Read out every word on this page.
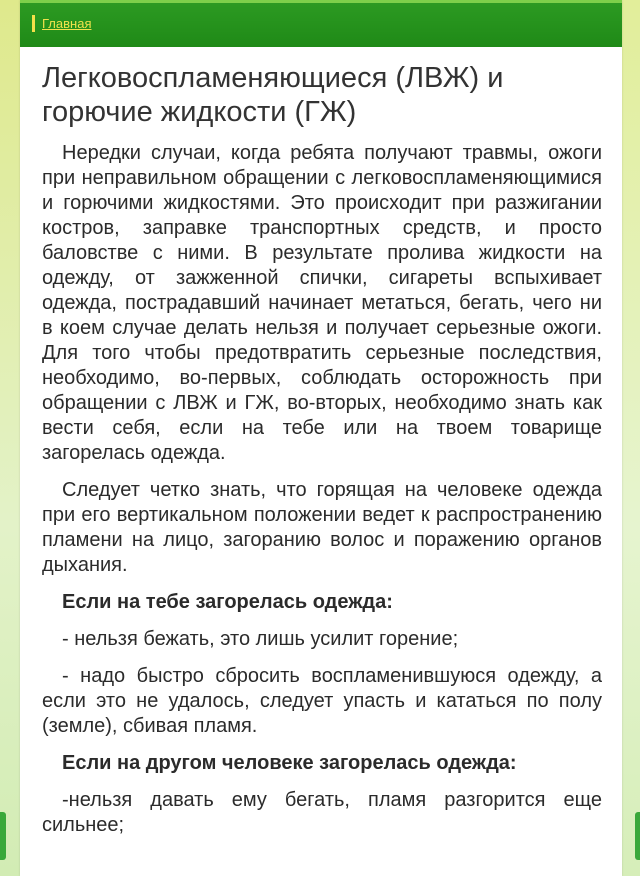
Главная
Легковоспламеняющиеся (ЛВЖ) и горючие жидкости (ГЖ)

Нередки случаи, когда ребята получают травмы, ожоги при неправильном обращении с легковоспламеняющимися и горючими жидкостями. Это происходит при разжигании костров, заправке транспортных средств, и просто баловстве с ними. В результате пролива жидкости на одежду, от зажженной спички, сигареты вспыхивает одежда, пострадавший начинает метаться, бегать, чего ни в коем случае делать нельзя и получает серьезные ожоги. Для того чтобы предотвратить серьезные последствия, необходимо, во-первых, соблюдать осторожность при обращении с ЛВЖ и ГЖ, во-вторых, необходимо знать как вести себя, если на тебе или на твоем товарище загорелась одежда.

Следует четко знать, что горящая на человеке одежда при его вертикальном положении ведет к распространению пламени на лицо, загоранию волос и поражению органов дыхания.

Если на тебе загорелась одежда:

- нельзя бежать, это лишь усилит горение;

- надо быстро сбросить воспламенившуюся одежду, а если это не удалось, следует упасть и кататься по полу (земле), сбивая пламя.

Если на другом человеке загорелась одежда:

-нельзя давать ему бегать, пламя разгорится еще сильнее;
